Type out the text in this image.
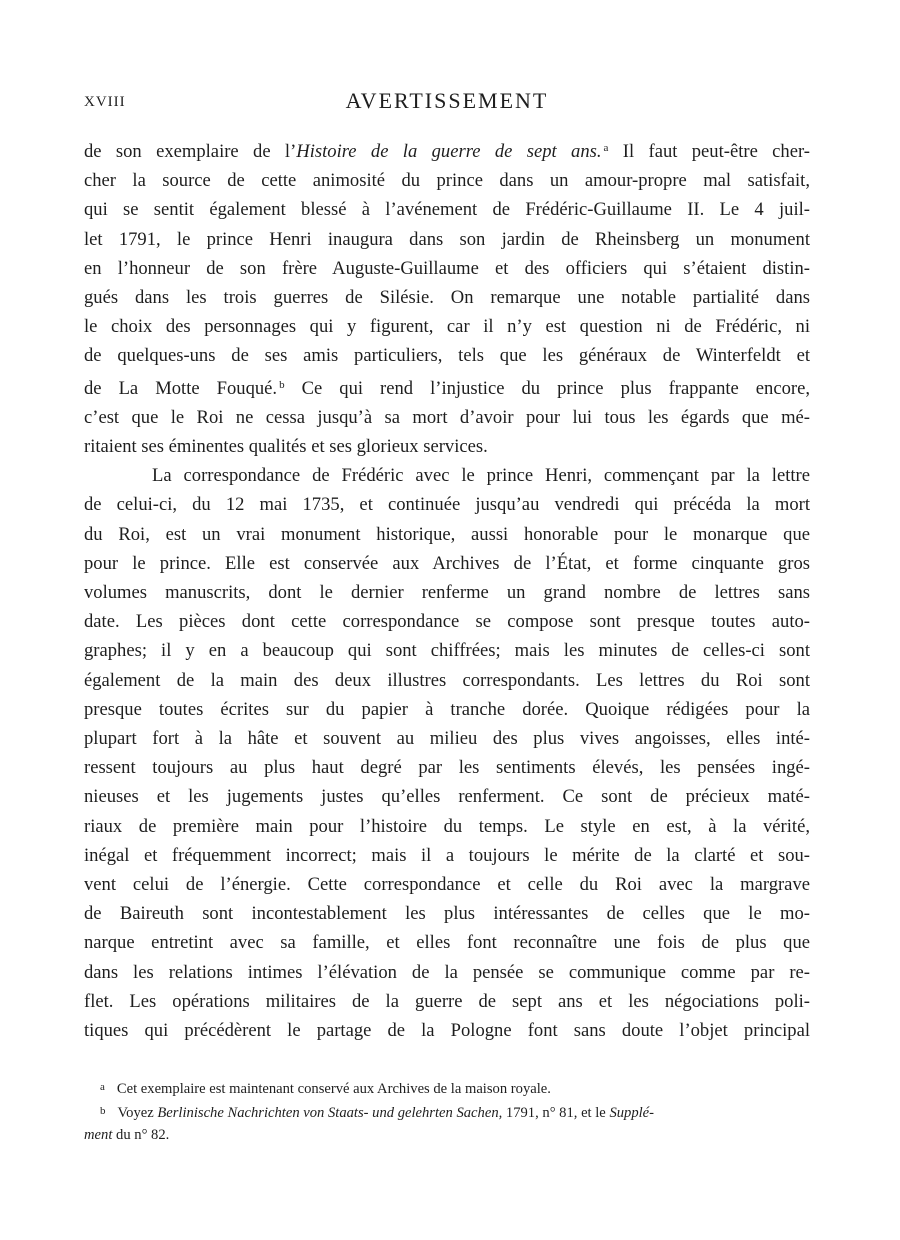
XVIII	AVERTISSEMENT

de son exemplaire de l’Histoire de la guerre de sept ans. $^a$ Il faut peut-être cher-
cher la source de cette animosité du prince dans un amour-propre mal satisfait,
qui se sentit également blessé à l’avénement de Frédéric-Guillaume II. Le 4 juil-
let 1791, le prince Henri inaugura dans son jardin de Rheinsberg un monument
en l’honneur de son frère Auguste-Guillaume et des officiers qui s’étaient distin-
gués dans les trois guerres de Silésie. On remarque une notable partialité dans
le choix des personnages qui y figurent, car il n’y est question ni de Frédéric, ni
de quelques-uns de ses amis particuliers, tels que les généraux de Winterfeldt et
de La Motte Fouqué. $^b$ Ce qui rend l’injustice du prince plus frappante encore,
c’est que le Roi ne cessa jusqu’à sa mort d’avoir pour lui tous les égards que mé-
ritaient ses éminentes qualités et ses glorieux services.

La correspondance de Frédéric avec le prince Henri, commençant par la lettre
de celui-ci, du 12 mai 1735, et continuée jusqu’au vendredi qui précéda la mort
du Roi, est un vrai monument historique, aussi honorable pour le monarque que
pour le prince. Elle est conservée aux Archives de l’État, et forme cinquante gros
volumes manuscrits, dont le dernier renferme un grand nombre de lettres sans
date. Les pièces dont cette correspondance se compose sont presque toutes auto-
graphes; il y en a beaucoup qui sont chiffrées; mais les minutes de celles-ci sont
également de la main des deux illustres correspondants. Les lettres du Roi sont
presque toutes écrites sur du papier à tranche dorée. Quoique rédigées pour la
plupart fort à la hâte et souvent au milieu des plus vives angoisses, elles inté-
ressent toujours au plus haut degré par les sentiments élevés, les pensées ingé-
nieuses et les jugements justes qu’elles renferment. Ce sont de précieux maté-
riaux de première main pour l’histoire du temps. Le style en est, à la vérité,
inégal et fréquemment incorrect; mais il a toujours le mérite de la clarté et sou-
vent celui de l’énergie. Cette correspondance et celle du Roi avec la margrave
de Baireuth sont incontestablement les plus intéressantes de celles que le mo-
narque entretint avec sa famille, et elles font reconnaître une fois de plus que
dans les relations intimes l’élévation de la pensée se communique comme par re-
flet. Les opérations militaires de la guerre de sept ans et les négociations poli-
tiques qui précédèrent le partage de la Pologne font sans doute l’objet principal

$^a$ Cet exemplaire est maintenant conservé aux Archives de la maison royale.

$^b$ Voyez Berlinische Nachrichten von Staats- und gelehrten Sachen, 1791, n° 81, et le Supplé-
ment du n° 82.
